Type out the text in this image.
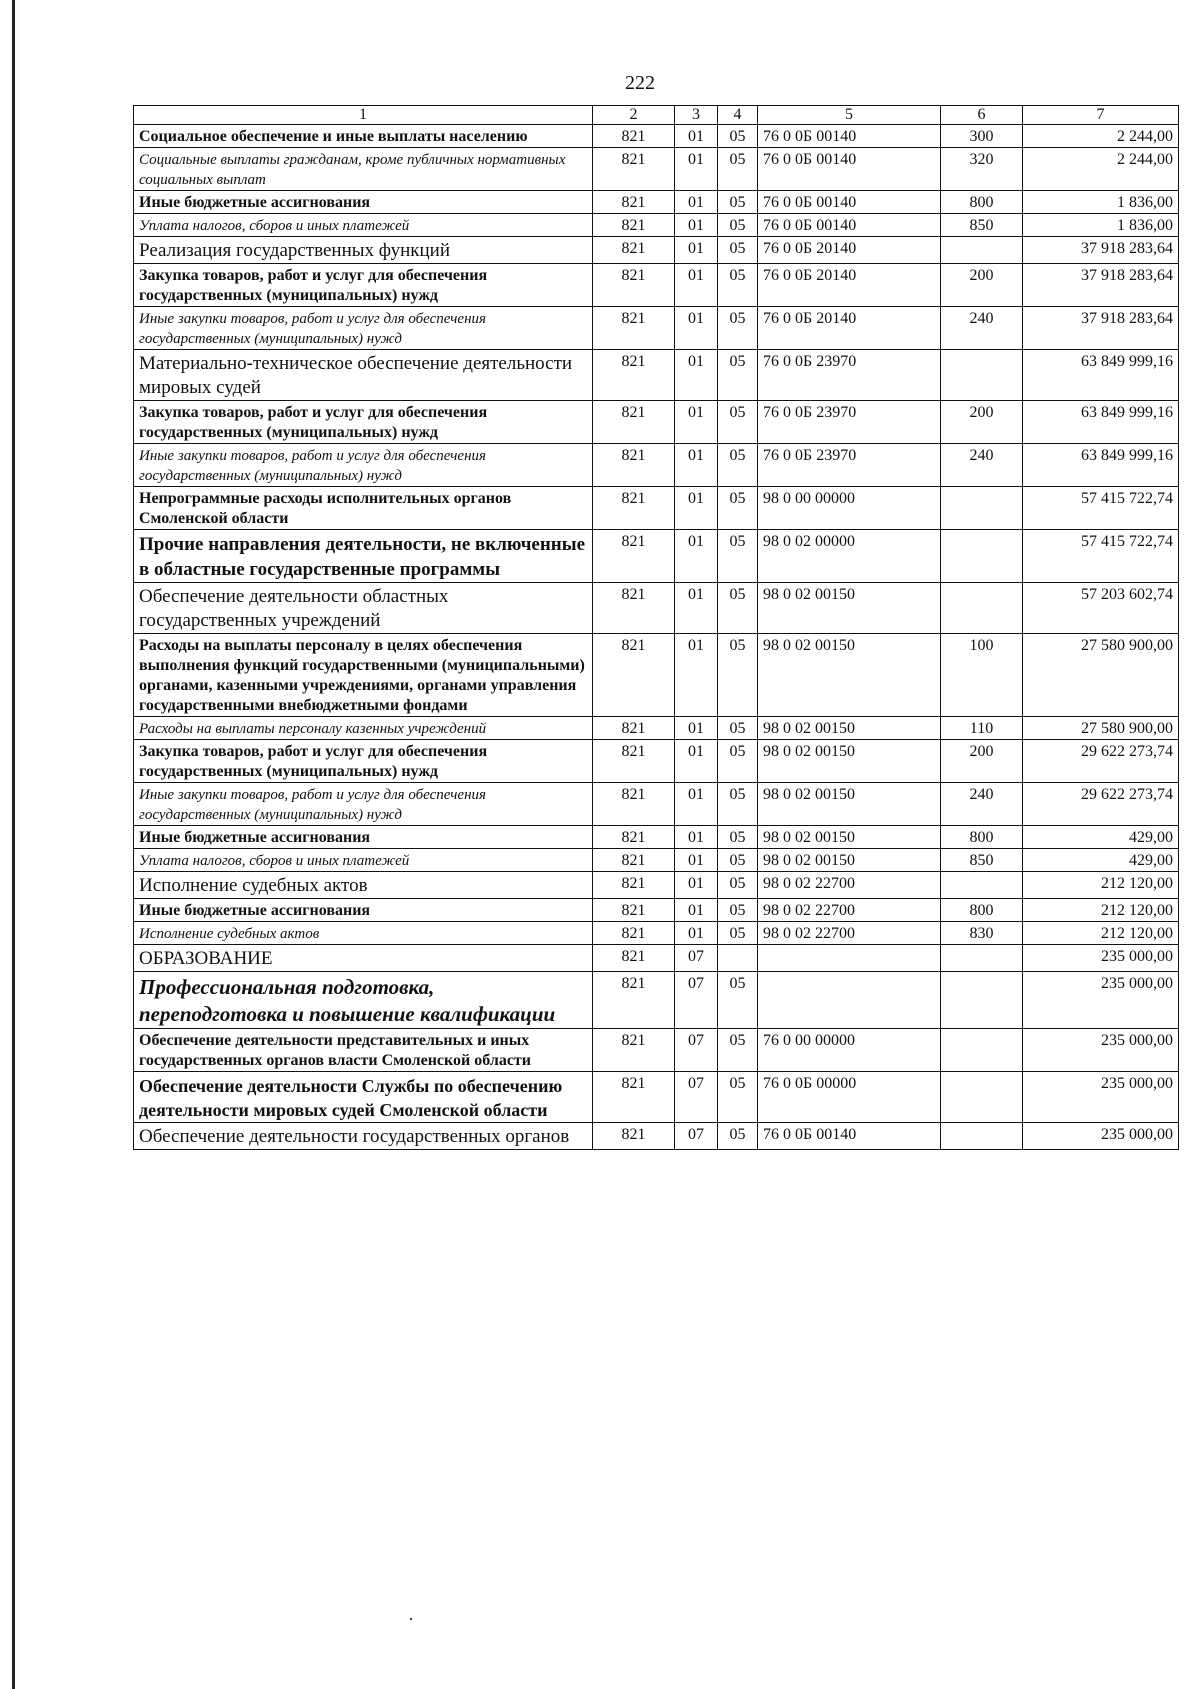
222
1	2	3	4	5	6	7
Социальное обеспечение и иные выплаты населению	821	01	05	76 0 0Б 00140	300	2 244,00
Социальные выплаты гражданам, кроме публичных нормативных социальных выплат	821	01	05	76 0 0Б 00140	320	2 244,00
Иные бюджетные ассигнования	821	01	05	76 0 0Б 00140	800	1 836,00
Уплата налогов, сборов и иных платежей	821	01	05	76 0 0Б 00140	850	1 836,00
Реализация государственных функций	821	01	05	76 0 0Б 20140		37 918 283,64
Закупка товаров, работ и услуг для обеспечения государственных (муниципальных) нужд	821	01	05	76 0 0Б 20140	200	37 918 283,64
Иные закупки товаров, работ и услуг для обеспечения государственных (муниципальных) нужд	821	01	05	76 0 0Б 20140	240	37 918 283,64
Материально-техническое обеспечение деятельности мировых судей	821	01	05	76 0 0Б 23970		63 849 999,16
Закупка товаров, работ и услуг для обеспечения государственных (муниципальных) нужд	821	01	05	76 0 0Б 23970	200	63 849 999,16
Иные закупки товаров, работ и услуг для обеспечения государственных (муниципальных) нужд	821	01	05	76 0 0Б 23970	240	63 849 999,16
Непрограммные расходы исполнительных органов Смоленской области	821	01	05	98 0 00 00000		57 415 722,74
Прочие направления деятельности, не включенные в областные государственные программы	821	01	05	98 0 02 00000		57 415 722,74
Обеспечение деятельности областных государственных учреждений	821	01	05	98 0 02 00150		57 203 602,74
Расходы на выплаты персоналу в целях обеспечения выполнения функций государственными (муниципальными) органами, казенными учреждениями, органами управления государственными внебюджетными фондами	821	01	05	98 0 02 00150	100	27 580 900,00
Расходы на выплаты персоналу казенных учреждений	821	01	05	98 0 02 00150	110	27 580 900,00
Закупка товаров, работ и услуг для обеспечения государственных (муниципальных) нужд	821	01	05	98 0 02 00150	200	29 622 273,74
Иные закупки товаров, работ и услуг для обеспечения государственных (муниципальных) нужд	821	01	05	98 0 02 00150	240	29 622 273,74
Иные бюджетные ассигнования	821	01	05	98 0 02 00150	800	429,00
Уплата налогов, сборов и иных платежей	821	01	05	98 0 02 00150	850	429,00
Исполнение судебных актов	821	01	05	98 0 02 22700		212 120,00
Иные бюджетные ассигнования	821	01	05	98 0 02 22700	800	212 120,00
Исполнение судебных актов	821	01	05	98 0 02 22700	830	212 120,00
ОБРАЗОВАНИЕ	821	07				235 000,00
Профессиональная подготовка, переподготовка и повышение квалификации	821	07	05			235 000,00
Обеспечение деятельности представительных и иных государственных органов власти Смоленской области	821	07	05	76 0 00 00000		235 000,00
Обеспечение деятельности Службы по обеспечению деятельности мировых судей Смоленской области	821	07	05	76 0 0Б 00000		235 000,00
Обеспечение деятельности государственных органов	821	07	05	76 0 0Б 00140		235 000,00
